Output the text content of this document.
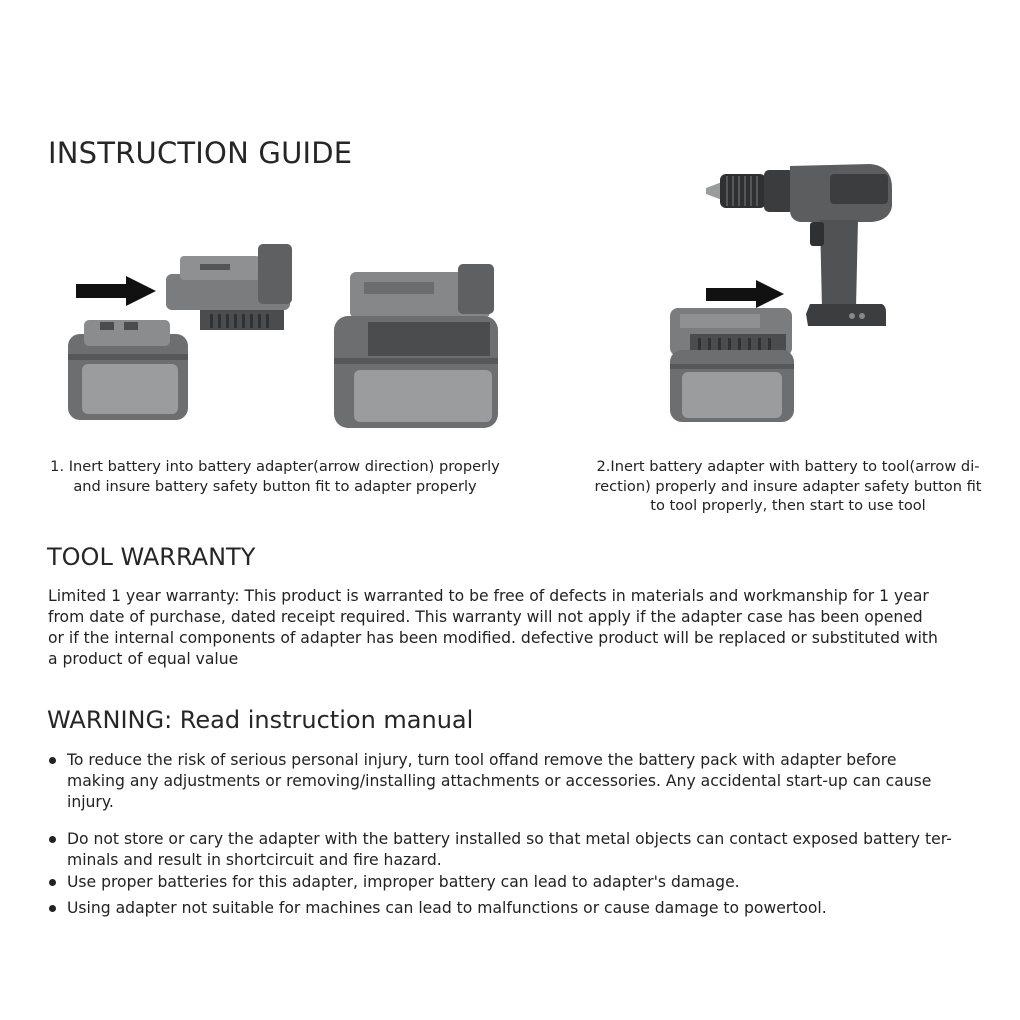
INSTRUCTION GUIDE
1. Inert battery into battery adapter(arrow direction) properly
and insure battery safety button fit to adapter properly
2.Inert battery adapter with battery to tool(arrow di-
rection) properly and insure adapter safety button fit
to tool properly, then start to use tool
TOOL WARRANTY
Limited 1 year warranty: This product is warranted to be free of defects in materials and workmanship for 1 year
from date of purchase, dated receipt required. This warranty will not apply if the adapter case has been opened
or if the internal components of adapter has been modified. defective product will be replaced or substituted with
a product of equal value
WARNING: Read instruction manual
To reduce the risk of serious personal injury, turn tool offand remove the battery pack with adapter before
making any adjustments or removing/installing attachments or accessories. Any accidental start-up can cause
injury.
Do not store or cary the adapter with the battery installed so that metal objects can contact exposed battery ter-
minals and result in shortcircuit and fire hazard.
Use proper batteries for this adapter, improper battery can lead to adapter's damage.
Using adapter not suitable for machines can lead to malfunctions or cause damage to powertool.
